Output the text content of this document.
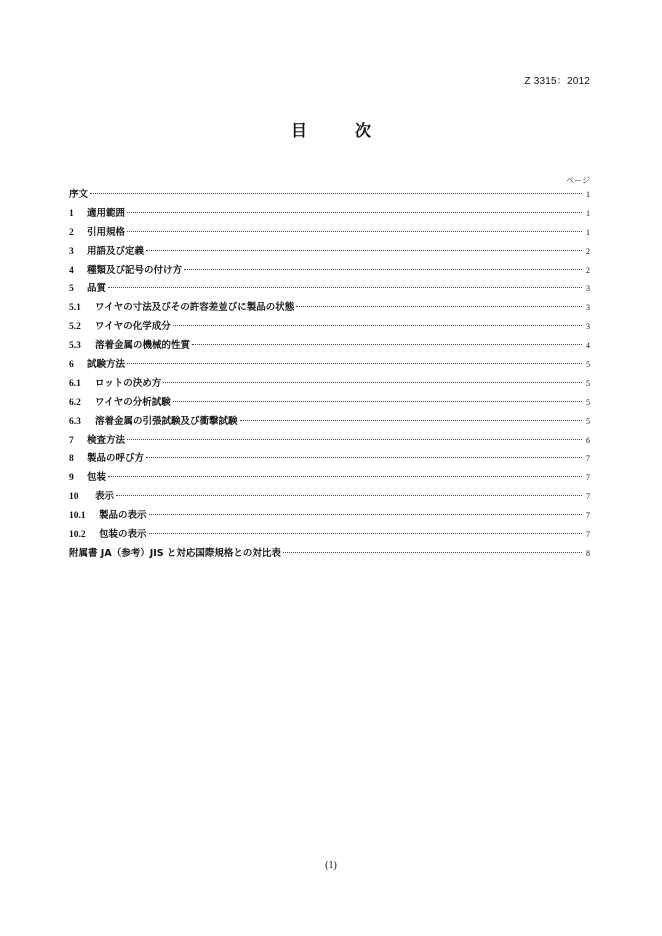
Z 3315：2012
目　次
ページ
序文	1
1	適用範囲	1
2	引用規格	1
3	用語及び定義	2
4	種類及び記号の付け方	2
5	品質	3
5.1	ワイヤの寸法及びその許容差並びに製品の状態	3
5.2	ワイヤの化学成分	3
5.3	溶着金属の機械的性質	4
6	試験方法	5
6.1	ロットの決め方	5
6.2	ワイヤの分析試験	5
6.3	溶着金属の引張試験及び衝撃試験	5
7	検査方法	6
8	製品の呼び方	7
9	包装	7
10	表示	7
10.1	製品の表示	7
10.2	包装の表示	7
附属書 JA（参考）JIS と対応国際規格との対比表	8
(1)
